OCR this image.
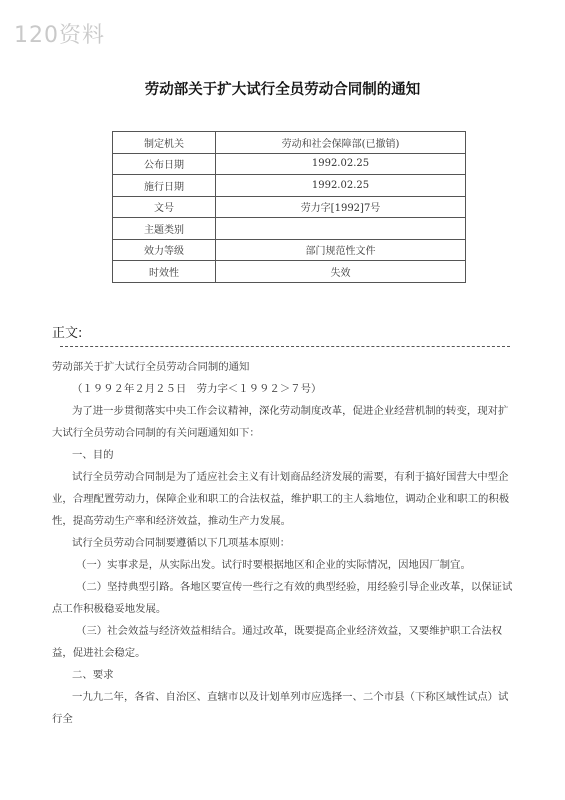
120资料
劳动部关于扩大试行全员劳动合同制的通知
制定机关	劳动和社会保障部(已撤销)
公布日期	1992.02.25
施行日期	1992.02.25
文号	劳力字[1992]7号
主题类别	
效力等级	部门规范性文件
时效性	失效
正文:

劳动部关于扩大试行全员劳动合同制的通知

（１９９２年２月２５日　劳力字＜１９９２＞７号）

为了进一步贯彻落实中央工作会议精神，深化劳动制度改革，促进企业经营机制的转变，现对扩大试行全员劳动合同制的有关问题通知如下：

一、目的

试行全员劳动合同制是为了适应社会主义有计划商品经济发展的需要，有利于搞好国营大中型企业，合理配置劳动力，保障企业和职工的合法权益，维护职工的主人翁地位，调动企业和职工的积极性，提高劳动生产率和经济效益，推动生产力发展。

试行全员劳动合同制要遵循以下几项基本原则：

（一）实事求是，从实际出发。试行时要根据地区和企业的实际情况，因地因厂制宜。

（二）坚持典型引路。各地区要宣传一些行之有效的典型经验，用经验引导企业改革，以保证试点工作积极稳妥地发展。

（三）社会效益与经济效益相结合。通过改革，既要提高企业经济效益，又要维护职工合法权益，促进社会稳定。

二、要求

一九九二年，各省、自治区、直辖市以及计划单列市应选择一、二个市县（下称区域性试点）试行全
